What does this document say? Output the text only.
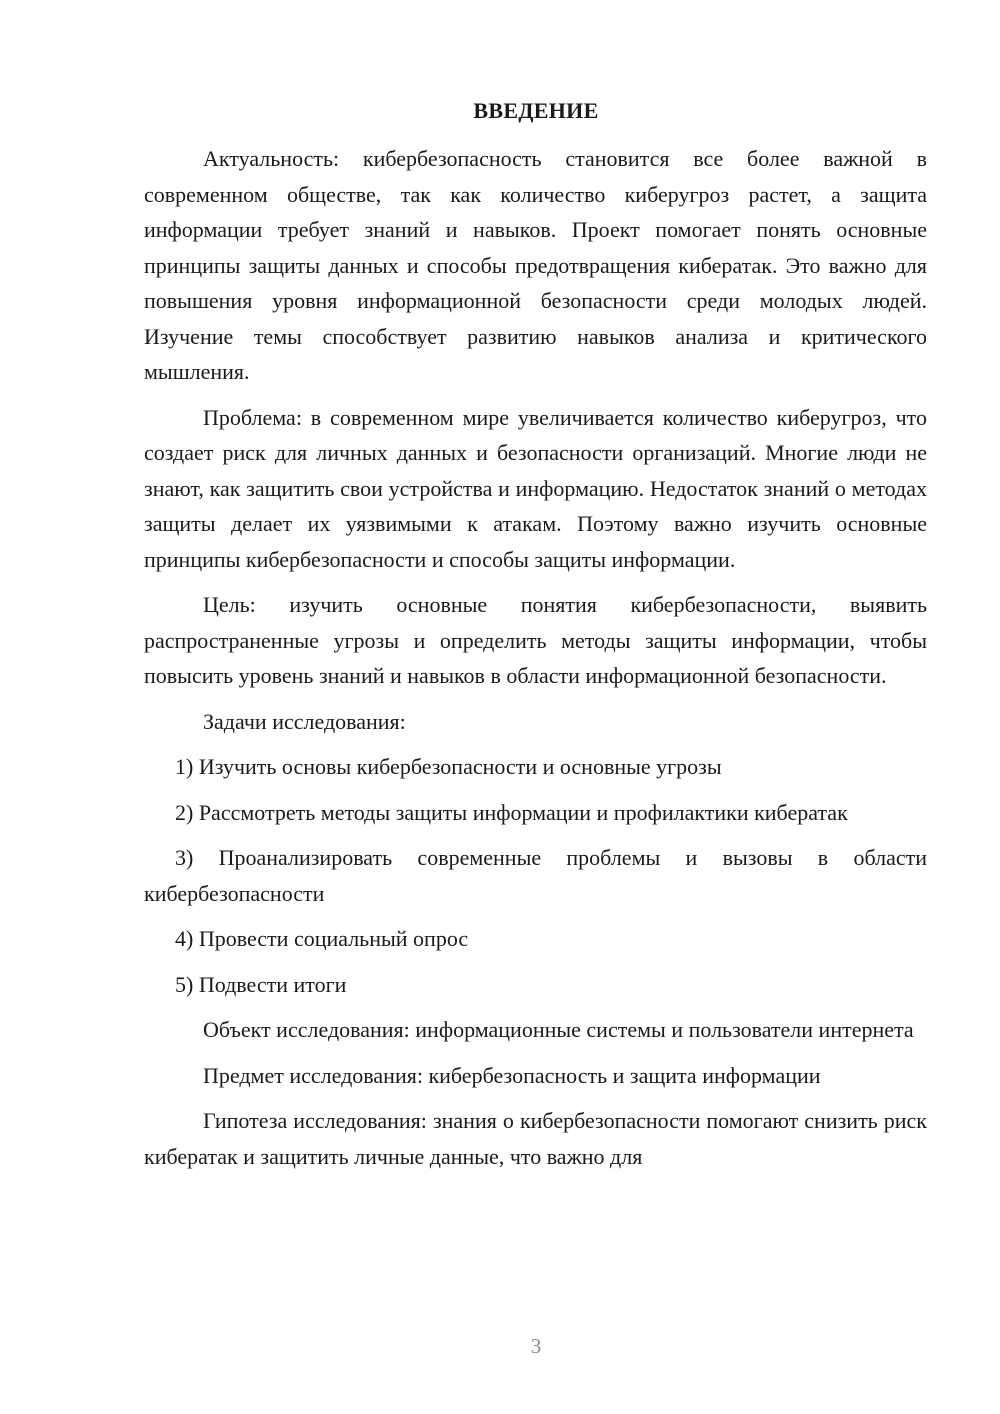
ВВЕДЕНИЕ

Актуальность: кибербезопасность становится все более важной в современном обществе, так как количество киберугроз растет, а защита информации требует знаний и навыков. Проект помогает понять основные принципы защиты данных и способы предотвращения кибератак. Это важно для повышения уровня информационной безопасности среди молодых людей. Изучение темы способствует развитию навыков анализа и критического мышления.

Проблема: в современном мире увеличивается количество киберугроз, что создает риск для личных данных и безопасности организаций. Многие люди не знают, как защитить свои устройства и информацию. Недостаток знаний о методах защиты делает их уязвимыми к атакам. Поэтому важно изучить основные принципы кибербезопасности и способы защиты информации.

Цель: изучить основные понятия кибербезопасности, выявить распространенные угрозы и определить методы защиты информации, чтобы повысить уровень знаний и навыков в области информационной безопасности.

Задачи исследования:

1) Изучить основы кибербезопасности и основные угрозы

2) Рассмотреть методы защиты информации и профилактики кибератак

3) Проанализировать современные проблемы и вызовы в области кибербезопасности

4) Провести социальный опрос

5) Подвести итоги

Объект исследования: информационные системы и пользователи интернета

Предмет исследования: кибербезопасность и защита информации

Гипотеза исследования: знания о кибербезопасности помогают снизить риск кибератак и защитить личные данные, что важно для

3
